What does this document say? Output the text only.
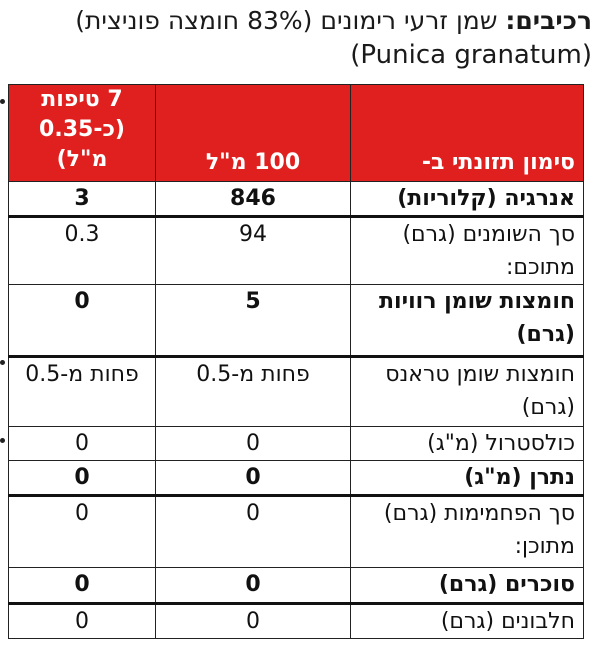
רכיבים: שמן זרעי רימונים (83% חומצה פוניצית)
(Punica granatum)
סימון תזונתי ב-	100 מ"ל	7 טיפות
(כ-0.35 מ"ל)
אנרגיה (קלוריות)	846	3
סך השומנים (גרם) מתוכם:	94	0.3
חומצות שומן רוויות (גרם)	5	0
חומצות שומן טראנס (גרם)	פחות מ-0.5	פחות מ-0.5
כולסטרול (מ"ג)	0	0
נתרן (מ"ג)	0	0
סך הפחמימות (גרם) מתוכן:	0	0
סוכרים (גרם)	0	0
חלבונים (גרם)	0	0
